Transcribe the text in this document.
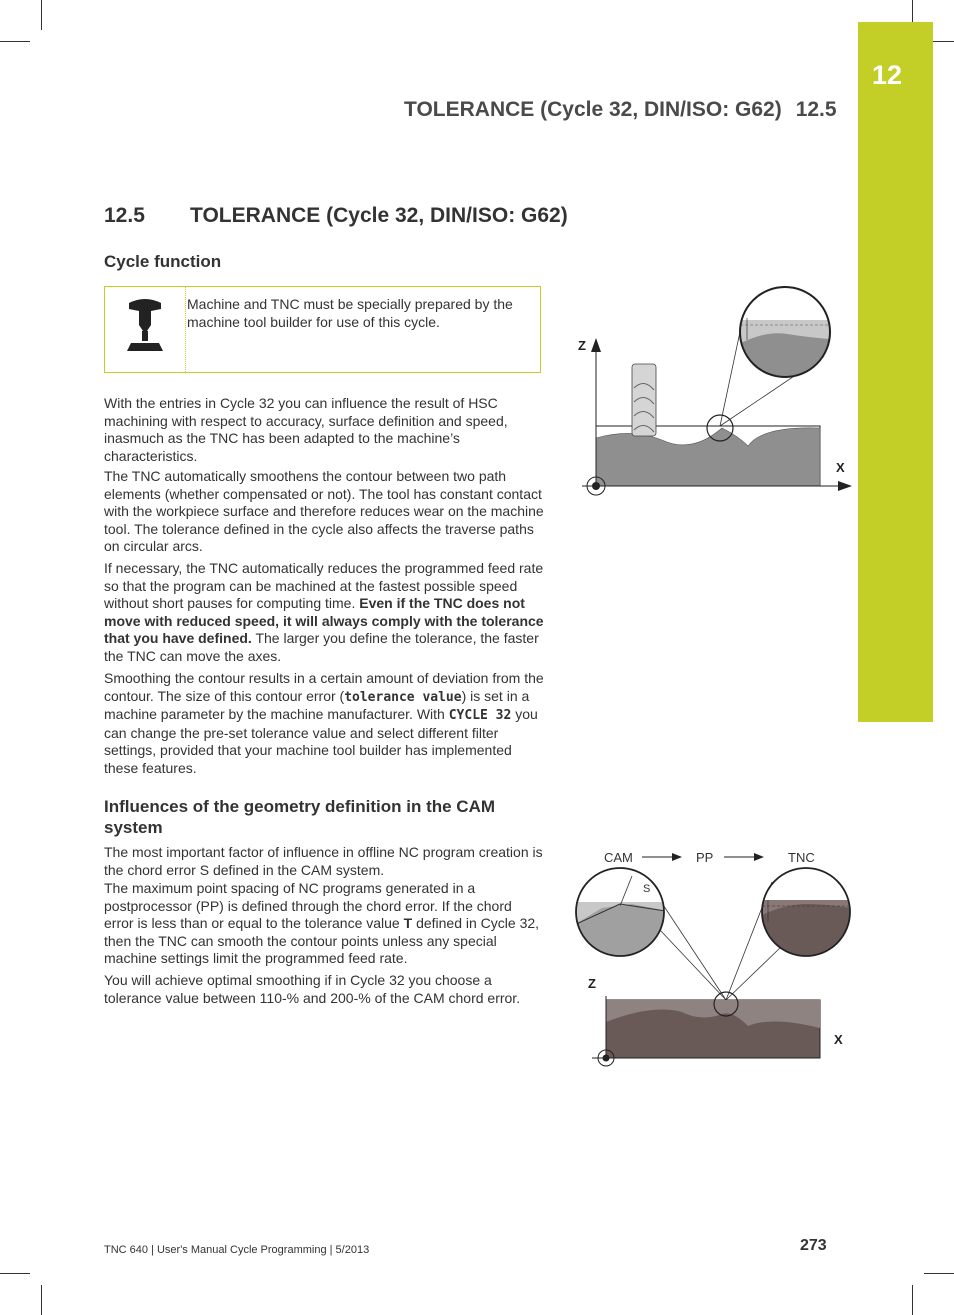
12
TOLERANCE (Cycle 32, DIN/ISO: G62) 12.5
12.5 TOLERANCE (Cycle 32, DIN/ISO: G62)
Cycle function
Machine and TNC must be specially prepared by the machine tool builder for use of this cycle.

With the entries in Cycle 32 you can influence the result of HSC machining with respect to accuracy, surface definition and speed, inasmuch as the TNC has been adapted to the machine’s characteristics.

The TNC automatically smoothens the contour between two path elements (whether compensated or not). The tool has constant contact with the workpiece surface and therefore reduces wear on the machine tool. The tolerance defined in the cycle also affects the traverse paths on circular arcs.

If necessary, the TNC automatically reduces the programmed feed rate so that the program can be machined at the fastest possible speed without short pauses for computing time. Even if the TNC does not move with reduced speed, it will always comply with the tolerance that you have defined. The larger you define the tolerance, the faster the TNC can move the axes.

Smoothing the contour results in a certain amount of deviation from the contour. The size of this contour error (tolerance value) is set in a machine parameter by the machine manufacturer. With CYCLE 32 you can change the pre-set tolerance value and select different filter settings, provided that your machine tool builder has implemented these features.

Influences of the geometry definition in the CAM system

The most important factor of influence in offline NC program creation is the chord error S defined in the CAM system.

The maximum point spacing of NC programs generated in a postprocessor (PP) is defined through the chord error. If the chord error is less than or equal to the tolerance value T defined in Cycle 32, then the TNC can smooth the contour points unless any special machine settings limit the programmed feed rate.

You will achieve optimal smoothing if in Cycle 32 you choose a tolerance value between 110-% and 200-% of the CAM chord error.

Z
X
CAM	PP	TNC
S
Z
X
TNC 640 | User's Manual Cycle Programming | 5/2013	273
